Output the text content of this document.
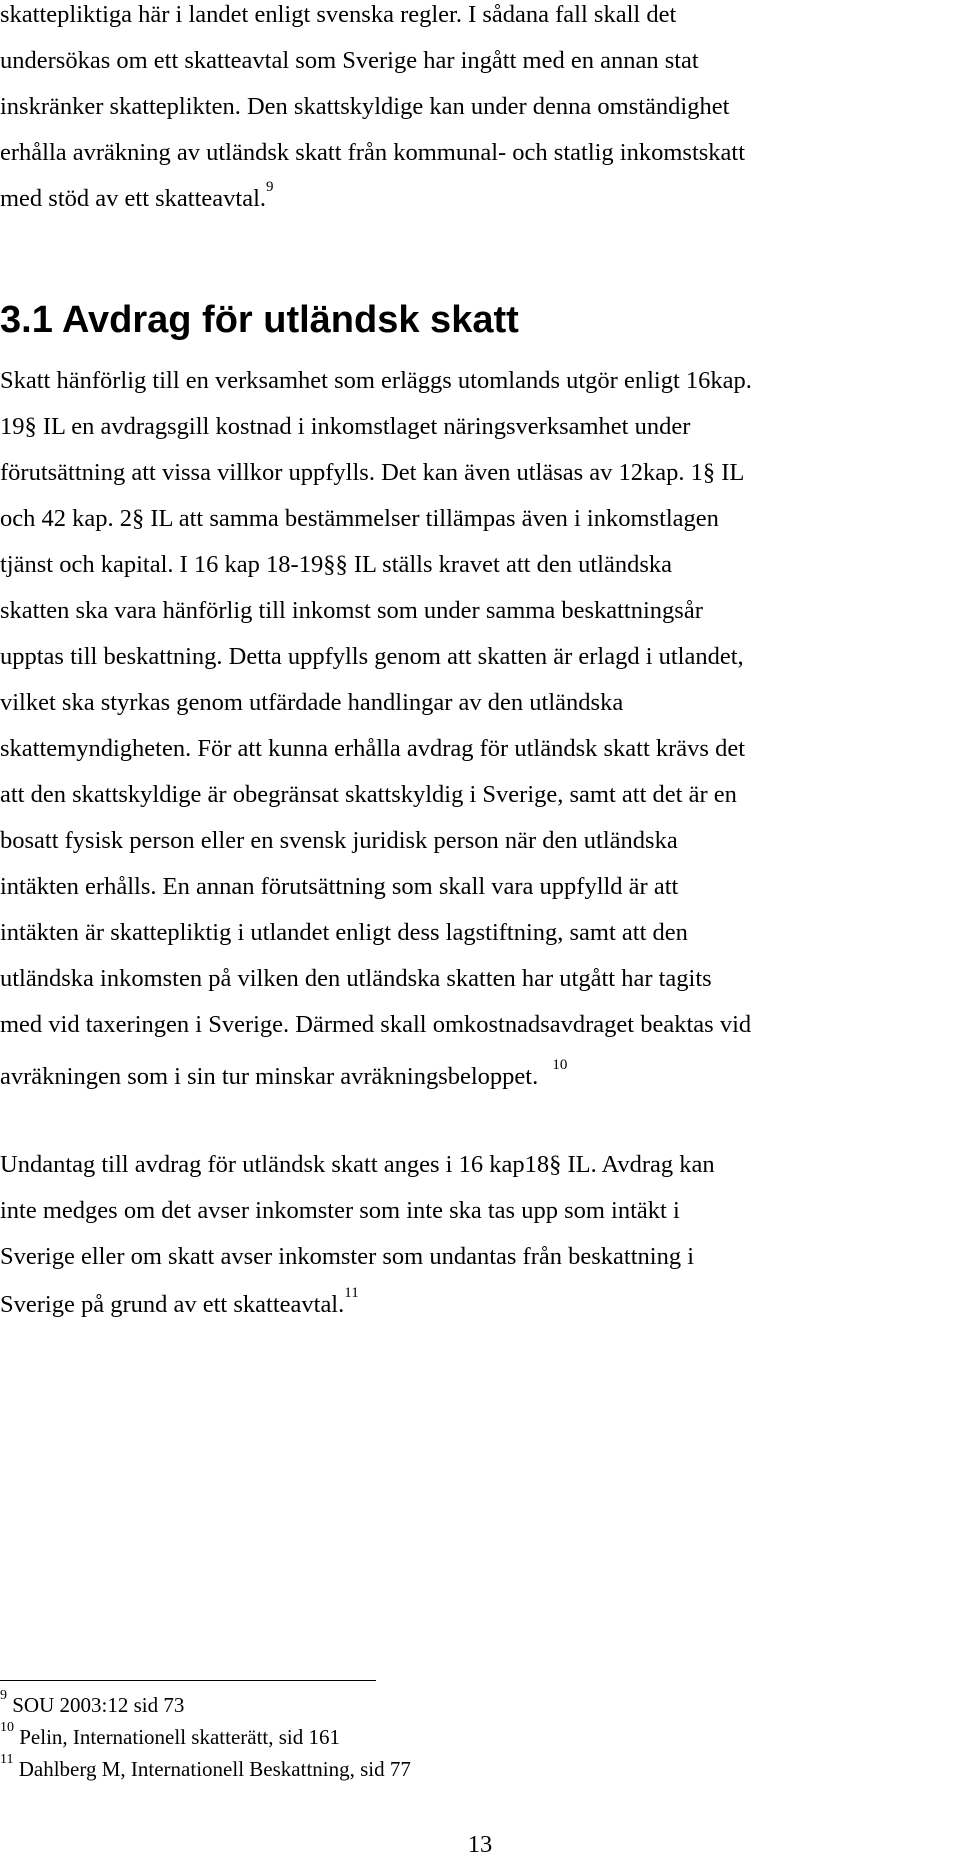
skattepliktiga här i landet enligt svenska regler. I sådana fall skall det
undersökas om ett skatteavtal som Sverige har ingått med en annan stat
inskränker skatteplikten. Den skattskyldige kan under denna omständighet
erhålla avräkning av utländsk skatt från kommunal- och statlig inkomstskatt
med stöd av ett skatteavtal.$^9$
3.1 Avdrag för utländsk skatt
Skatt hänförlig till en verksamhet som erläggs utomlands utgör enligt 16kap.
19§ IL en avdragsgill kostnad i inkomstlaget näringsverksamhet under
förutsättning att vissa villkor uppfylls. Det kan även utläsas av 12kap. 1§ IL
och 42 kap. 2§ IL att samma bestämmelser tillämpas även i inkomstlagen
tjänst och kapital. I 16 kap 18-19§§ IL ställs kravet att den utländska
skatten ska vara hänförlig till inkomst som under samma beskattningsår
upptas till beskattning. Detta uppfylls genom att skatten är erlagd i utlandet,
vilket ska styrkas genom utfärdade handlingar av den utländska
skattemyndigheten. För att kunna erhålla avdrag för utländsk skatt krävs det
att den skattskyldige är obegränsat skattskyldig i Sverige, samt att det är en
bosatt fysisk person eller en svensk juridisk person när den utländska
intäkten erhålls. En annan förutsättning som skall vara uppfylld är att
intäkten är skattepliktig i utlandet enligt dess lagstiftning, samt att den
utländska inkomsten på vilken den utländska skatten har utgått har tagits
med vid taxeringen i Sverige. Därmed skall omkostnadsavdraget beaktas vid
avräkningen som i sin tur minskar avräkningsbeloppet. $^{10}$
Undantag till avdrag för utländsk skatt anges i 16 kap18§ IL. Avdrag kan
inte medges om det avser inkomster som inte ska tas upp som intäkt i
Sverige eller om skatt avser inkomster som undantas från beskattning i
Sverige på grund av ett skatteavtal.$^{11}$
$^9$ SOU 2003:12 sid 73
$^{10}$ Pelin, Internationell skatterätt, sid 161
$^{11}$ Dahlberg M, Internationell Beskattning, sid 77
13
